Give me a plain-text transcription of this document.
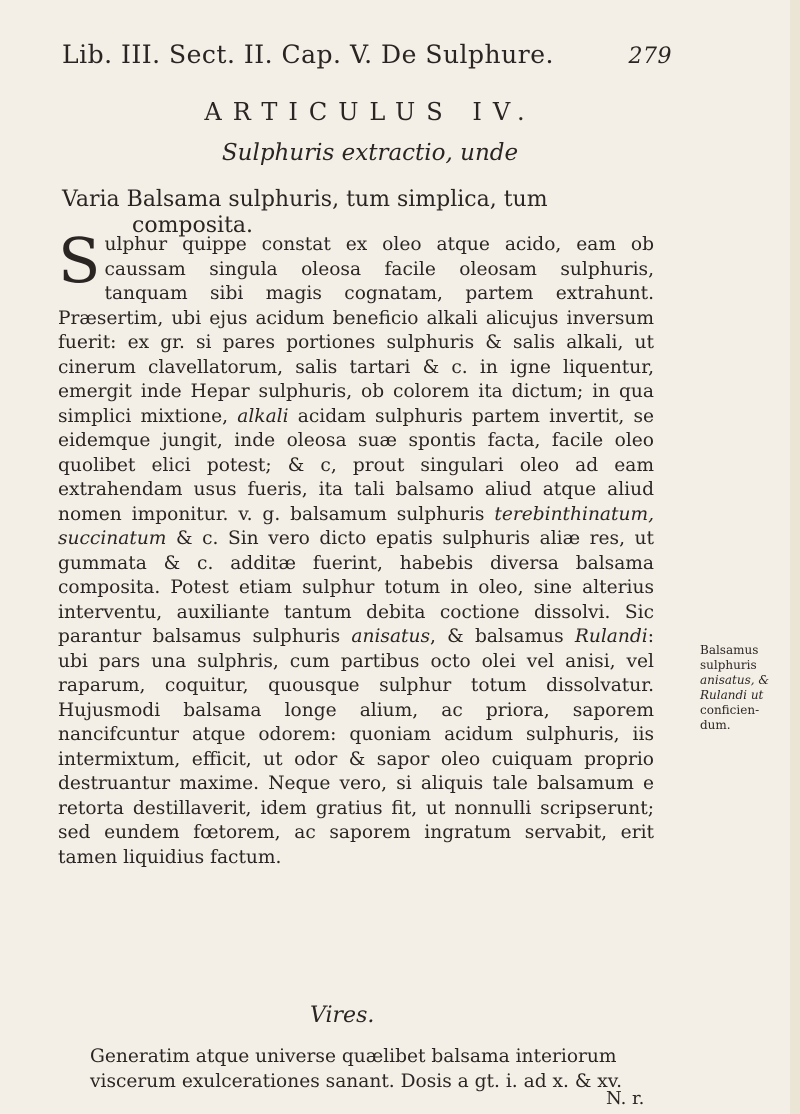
Lib. III. Sect. II. Cap. V. De Sulphure.	279
ARTICULUS IV.
Sulphuris extractio, unde
Varia Balsama sulphuris, tum simplica, tum
composita.
Sulphur quippe constat ex oleo atque acido, eam ob caussam singula oleosa facile oleosam sulphuris, tanquam sibi magis cognatam, partem extrahunt. Præsertim, ubi ejus acidum beneficio alkali alicujus inversum fuerit: ex gr. si pares portiones sulphuris & salis alkali, ut cinerum clavellatorum, salis tartari & c. in igne liquentur, emergit inde Hepar sulphuris, ob colorem ita dictum; in qua simplici mixtione, alkali acidam sulphuris partem invertit, se eidemque jungit, inde oleosa suæ spontis facta, facile oleo quolibet elici potest; & c, prout singulari oleo ad eam extrahendam usus fueris, ita tali balsamo aliud atque aliud nomen imponitur. v. g. balsamum sulphuris terebinthinatum, succinatum & c. Sin vero dicto epatis sulphuris aliæ res, ut gummata & c. additæ fuerint, habebis diversa balsama composita. Potest etiam sulphur totum in oleo, sine alterius interventu, auxiliante tantum debita coctione dissolvi. Sic parantur balsamus sulphuris anisatus, & balsamus Rulandi: ubi pars una sulphris, cum partibus octo olei vel anisi, vel raparum, coquitur, quousque sulphur totum dissolvatur. Hujusmodi balsama longe alium, ac priora, saporem nancifcuntur atque odorem: quoniam acidum sulphuris, iis intermixtum, efficit, ut odor & sapor oleo cuiquam proprio destruantur maxime. Neque vero, si aliquis tale balsamum e retorta destillaverit, idem gratius fit, ut nonnulli scripserunt; sed eundem fœtorem, ac saporem ingratum servabit, erit tamen liquidius factum.
Balsamus
sulphuris
anisatus, &
Rulandi ut
conficien-
dum.
Vires.
Generatim atque universe quælibet balsama interiorum viscerum exulcerationes sanant. Dosis a gt. i. ad x. & xv.
N. r.
